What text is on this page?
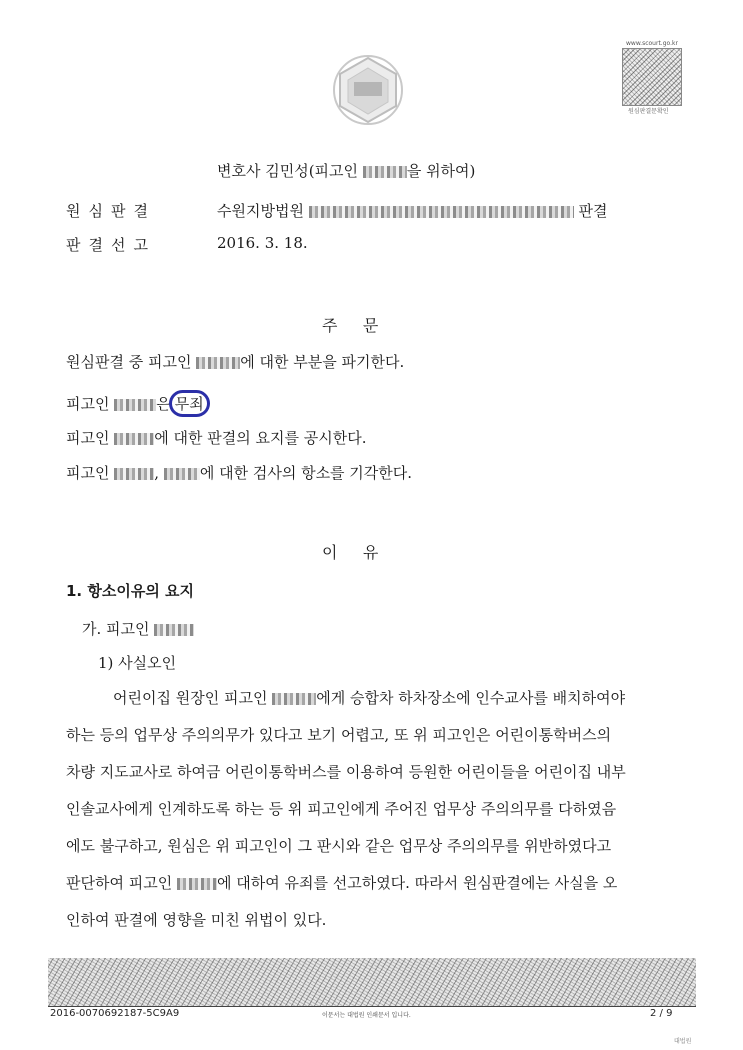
www.scourt.go.kr
원심판결문확인
변호사 김민성(피고인	을 위하여)
원심판결	수원지방법원	판결
판결선고	2016. 3. 18.
주     문
원심판결 중 피고인	에 대한 부분을 파기한다.
피고인	은 무죄
피고인	에 대한 판결의 요지를 공시한다.
피고인	,	에 대한 검사의 항소를 기각한다.
이     유
1. 항소이유의 요지
가. 피고인
1) 사실오인
어린이집 원장인 피고인	에게 승합차 하차장소에 인수교사를 배치하여야
하는 등의 업무상 주의의무가 있다고 보기 어렵고, 또 위 피고인은 어린이통학버스의
차량 지도교사로 하여금 어린이통학버스를 이용하여 등원한 어린이들을 어린이집 내부
인솔교사에게 인계하도록 하는 등 위 피고인에게 주어진 업무상 주의의무를 다하였음
에도 불구하고, 원심은 위 피고인이 그 판시와 같은 업무상 주의의무를 위반하였다고
판단하여 피고인	에 대하여 유죄를 선고하였다. 따라서 원심판결에는 사실을 오
인하여 판결에 영향을 미친 위법이 있다.
2016-0070692187-5C9A9	이문서는 대법원 인쇄문서 입니다.	2 / 9
대법원
